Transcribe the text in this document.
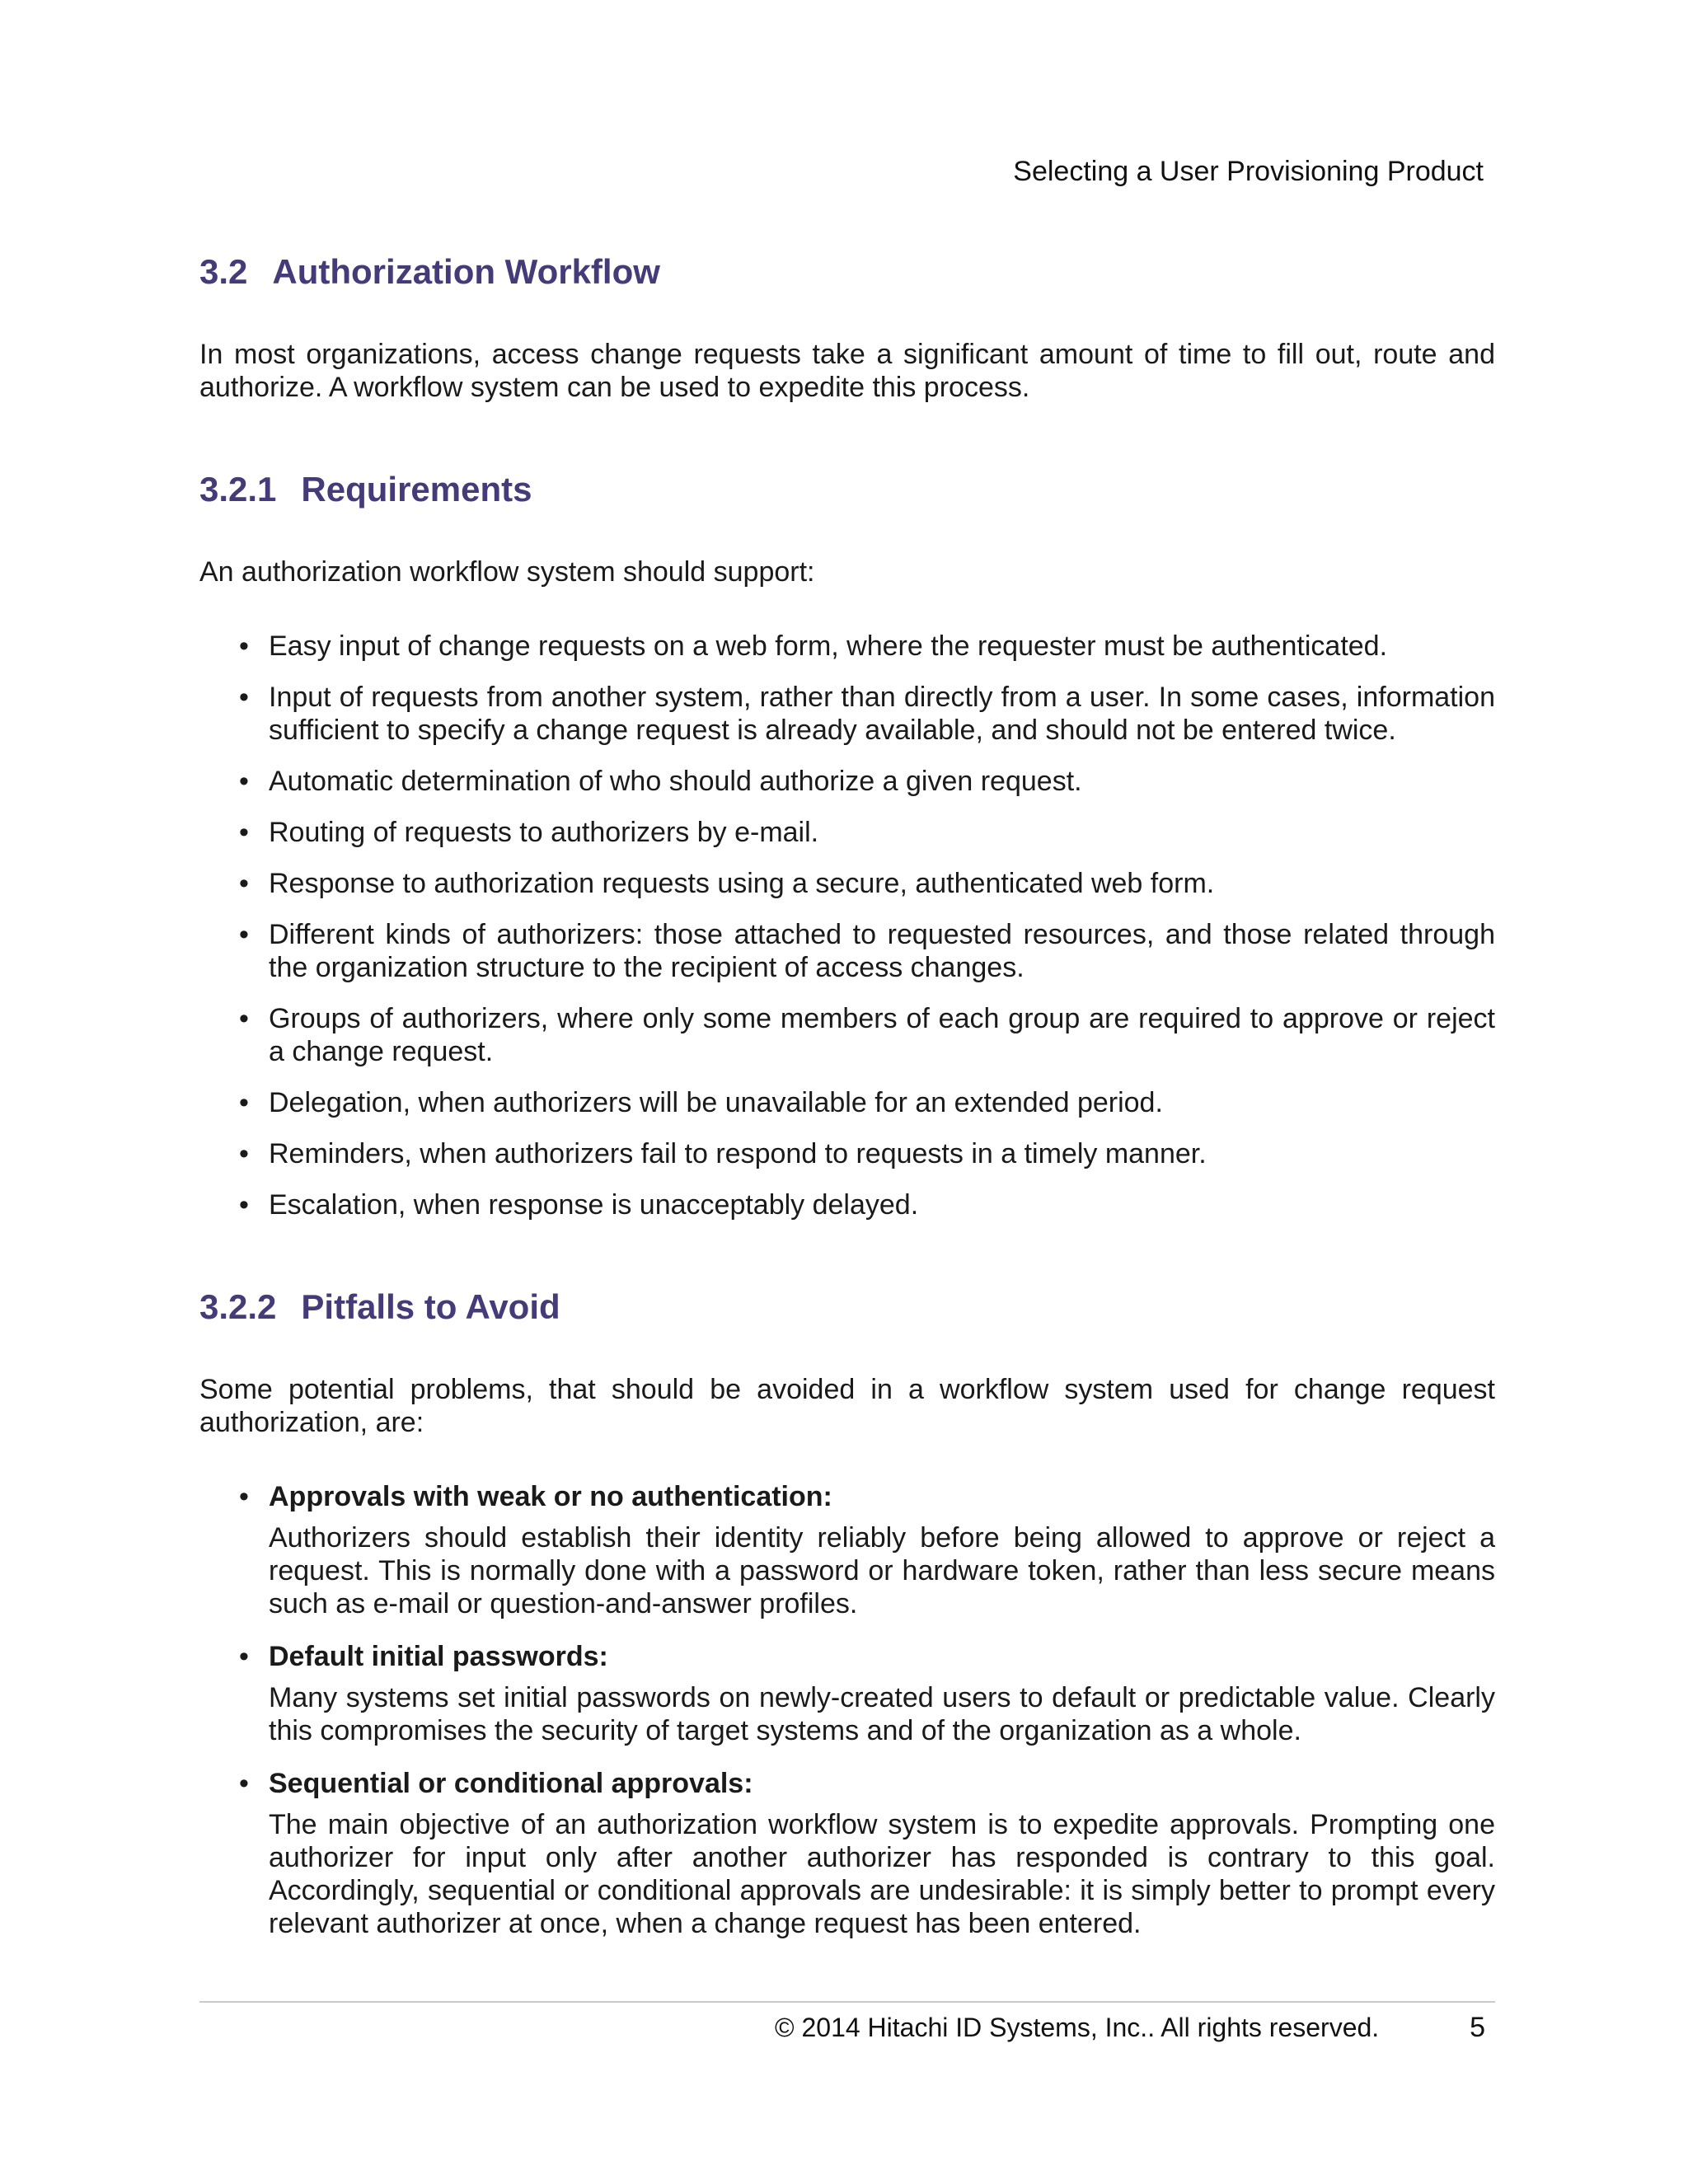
Selecting a User Provisioning Product
3.2 Authorization Workflow

In most organizations, access change requests take a significant amount of time to fill out, route and authorize. A workflow system can be used to expedite this process.

3.2.1 Requirements

An authorization workflow system should support:

• Easy input of change requests on a web form, where the requester must be authenticated.
• Input of requests from another system, rather than directly from a user. In some cases, information sufficient to specify a change request is already available, and should not be entered twice.
• Automatic determination of who should authorize a given request.
• Routing of requests to authorizers by e-mail.
• Response to authorization requests using a secure, authenticated web form.
• Different kinds of authorizers: those attached to requested resources, and those related through the organization structure to the recipient of access changes.
• Groups of authorizers, where only some members of each group are required to approve or reject a change request.
• Delegation, when authorizers will be unavailable for an extended period.
• Reminders, when authorizers fail to respond to requests in a timely manner.
• Escalation, when response is unacceptably delayed.
3.2.2 Pitfalls to Avoid

Some potential problems, that should be avoided in a workflow system used for change request authorization, are:

• Approvals with weak or no authentication:
Authorizers should establish their identity reliably before being allowed to approve or reject a request. This is normally done with a password or hardware token, rather than less secure means such as e-mail or question-and-answer profiles.
• Default initial passwords:
Many systems set initial passwords on newly-created users to default or predictable value. Clearly this compromises the security of target systems and of the organization as a whole.
• Sequential or conditional approvals:
The main objective of an authorization workflow system is to expedite approvals. Prompting one authorizer for input only after another authorizer has responded is contrary to this goal. Accordingly, sequential or conditional approvals are undesirable: it is simply better to prompt every relevant authorizer at once, when a change request has been entered.
© 2014 Hitachi ID Systems, Inc.. All rights reserved.	5
